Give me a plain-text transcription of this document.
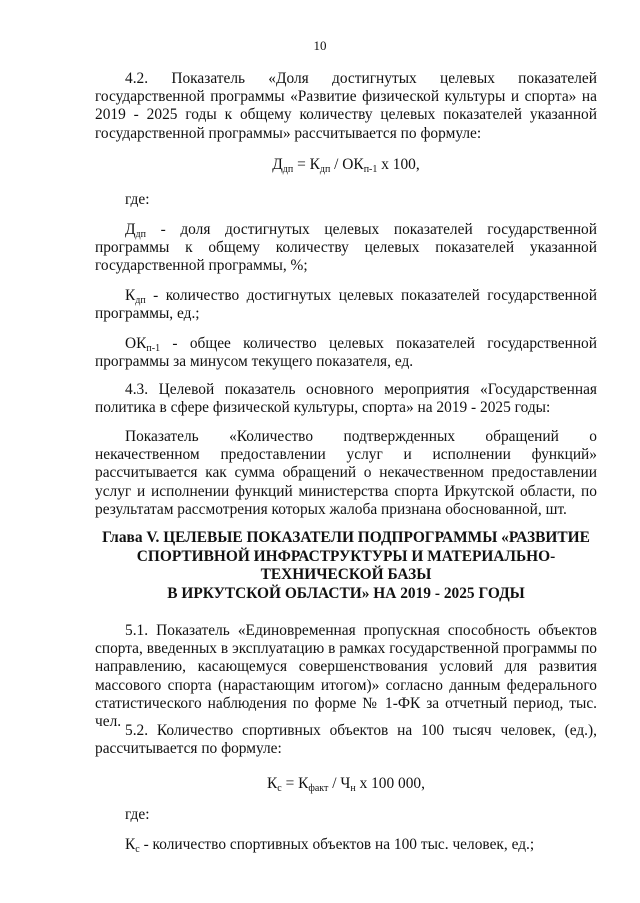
10

4.2. Показатель «Доля достигнутых целевых показателей государственной программы «Развитие физической культуры и спорта» на 2019 - 2025 годы к общему количеству целевых показателей указанной государственной программы» рассчитывается по формуле:

$Д_{дп} = К_{дп} / ОК_{п-1}$ х 100,

где:

$Д_{дп}$ - доля достигнутых целевых показателей государственной программы к общему количеству целевых показателей указанной государственной программы, %;

$К_{дп}$ - количество достигнутых целевых показателей государственной программы, ед.;

$ОК_{п-1}$ - общее количество целевых показателей государственной программы за минусом текущего показателя, ед.

4.3. Целевой показатель основного мероприятия «Государственная политика в сфере физической культуры, спорта» на 2019 - 2025 годы:

Показатель «Количество подтвержденных обращений о некачественном предоставлении услуг и исполнении функций» рассчитывается как сумма обращений о некачественном предоставлении услуг и исполнении функций министерства спорта Иркутской области, по результатам рассмотрения которых жалоба признана обоснованной, шт.

Глава V. ЦЕЛЕВЫЕ ПОКАЗАТЕЛИ ПОДПРОГРАММЫ «РАЗВИТИЕ
СПОРТИВНОЙ ИНФРАСТРУКТУРЫ И МАТЕРИАЛЬНО-
ТЕХНИЧЕСКОЙ БАЗЫ
В ИРКУТСКОЙ ОБЛАСТИ» НА 2019 - 2025 ГОДЫ

5.1. Показатель «Единовременная пропускная способность объектов спорта, введенных в эксплуатацию в рамках государственной программы по направлению, касающемуся совершенствования условий для развития массового спорта (нарастающим итогом)» согласно данным федерального статистического наблюдения по форме № 1-ФК за отчетный период, тыс. чел.

5.2. Количество спортивных объектов на 100 тысяч человек, (ед.), рассчитывается по формуле:

$К_с = К_{факт} / Ч_н$ х 100 000,

где:

$К_с$ - количество спортивных объектов на 100 тыс. человек, ед.;
